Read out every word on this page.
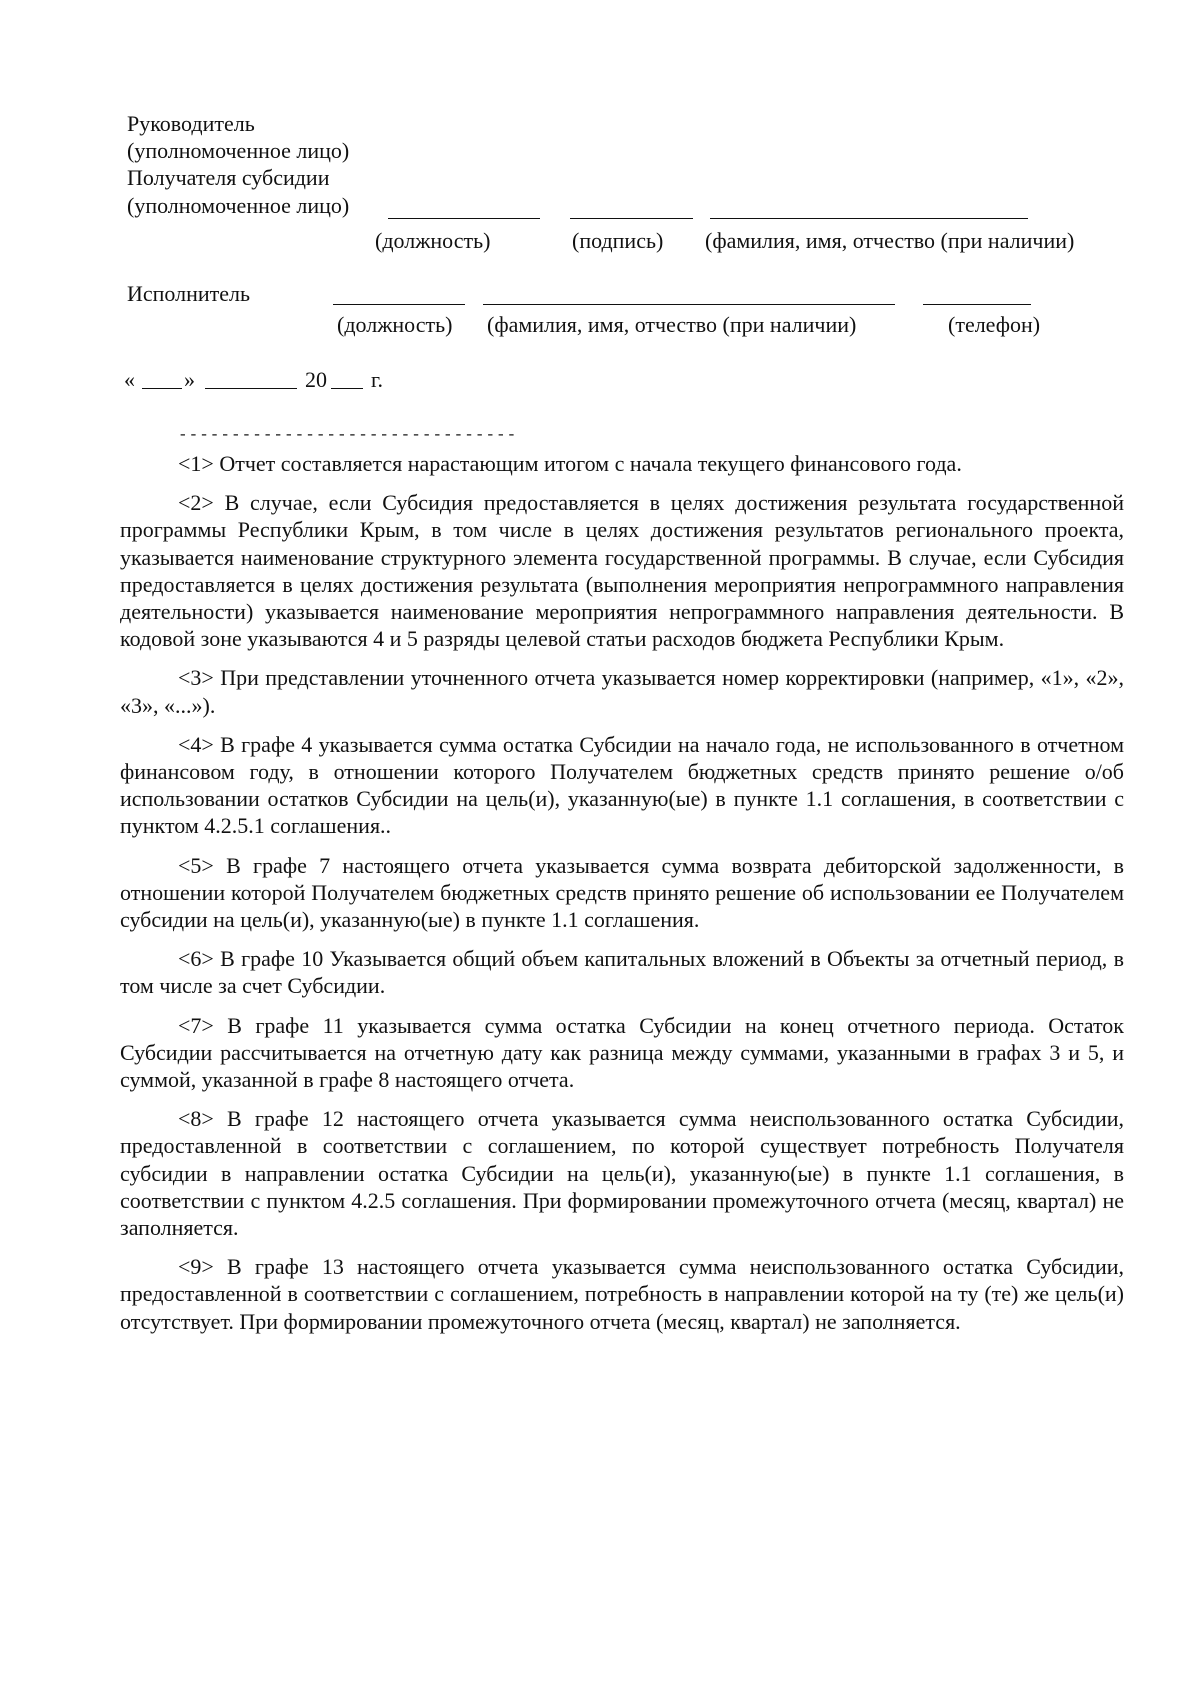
Руководитель
(уполномоченное лицо)
Получателя субсидии
(уполномоченное лицо)
(должность)	(подпись) (фамилия, имя, отчество (при наличии)
Исполнитель
(должность) (фамилия, имя, отчество (при наличии)	(телефон)
« »	20 г.
--------------------------------

<1> Отчет составляется нарастающим итогом с начала текущего финансового года.

<2> В случае, если Субсидия предоставляется в целях достижения результата государственной программы Республики Крым, в том числе в целях достижения результатов регионального проекта, указывается наименование структурного элемента государственной программы. В случае, если Субсидия предоставляется в целях достижения результата (выполнения мероприятия непрограммного направления деятельности) указывается наименование мероприятия непрограммного направления деятельности. В кодовой зоне указываются 4 и 5 разряды целевой статьи расходов бюджета Республики Крым.

<3> При представлении уточненного отчета указывается номер корректировки (например, «1», «2», «3», «...»).

<4> В графе 4 указывается сумма остатка Субсидии на начало года, не использованного в отчетном финансовом году, в отношении которого Получателем бюджетных средств принято решение о/об использовании остатков Субсидии на цель(и), указанную(ые) в пункте 1.1 соглашения, в соответствии с пунктом 4.2.5.1 соглашения..

<5> В графе 7 настоящего отчета указывается сумма возврата дебиторской задолженности, в отношении которой Получателем бюджетных средств принято решение об использовании ее Получателем субсидии на цель(и), указанную(ые) в пункте 1.1 соглашения.

<6> В графе 10 Указывается общий объем капитальных вложений в Объекты за отчетный период, в том числе за счет Субсидии.

<7> В графе 11 указывается сумма остатка Субсидии на конец отчетного периода. Остаток Субсидии рассчитывается на отчетную дату как разница между суммами, указанными в графах 3 и 5, и суммой, указанной в графе 8 настоящего отчета.

<8> В графе 12 настоящего отчета указывается сумма неиспользованного остатка Субсидии, предоставленной в соответствии с соглашением, по которой существует потребность Получателя субсидии в направлении остатка Субсидии на цель(и), указанную(ые) в пункте 1.1 соглашения, в соответствии с пунктом 4.2.5 соглашения. При формировании промежуточного отчета (месяц, квартал) не заполняется.

<9> В графе 13 настоящего отчета указывается сумма неиспользованного остатка Субсидии, предоставленной в соответствии с соглашением, потребность в направлении которой на ту (те) же цель(и) отсутствует. При формировании промежуточного отчета (месяц, квартал) не заполняется.
